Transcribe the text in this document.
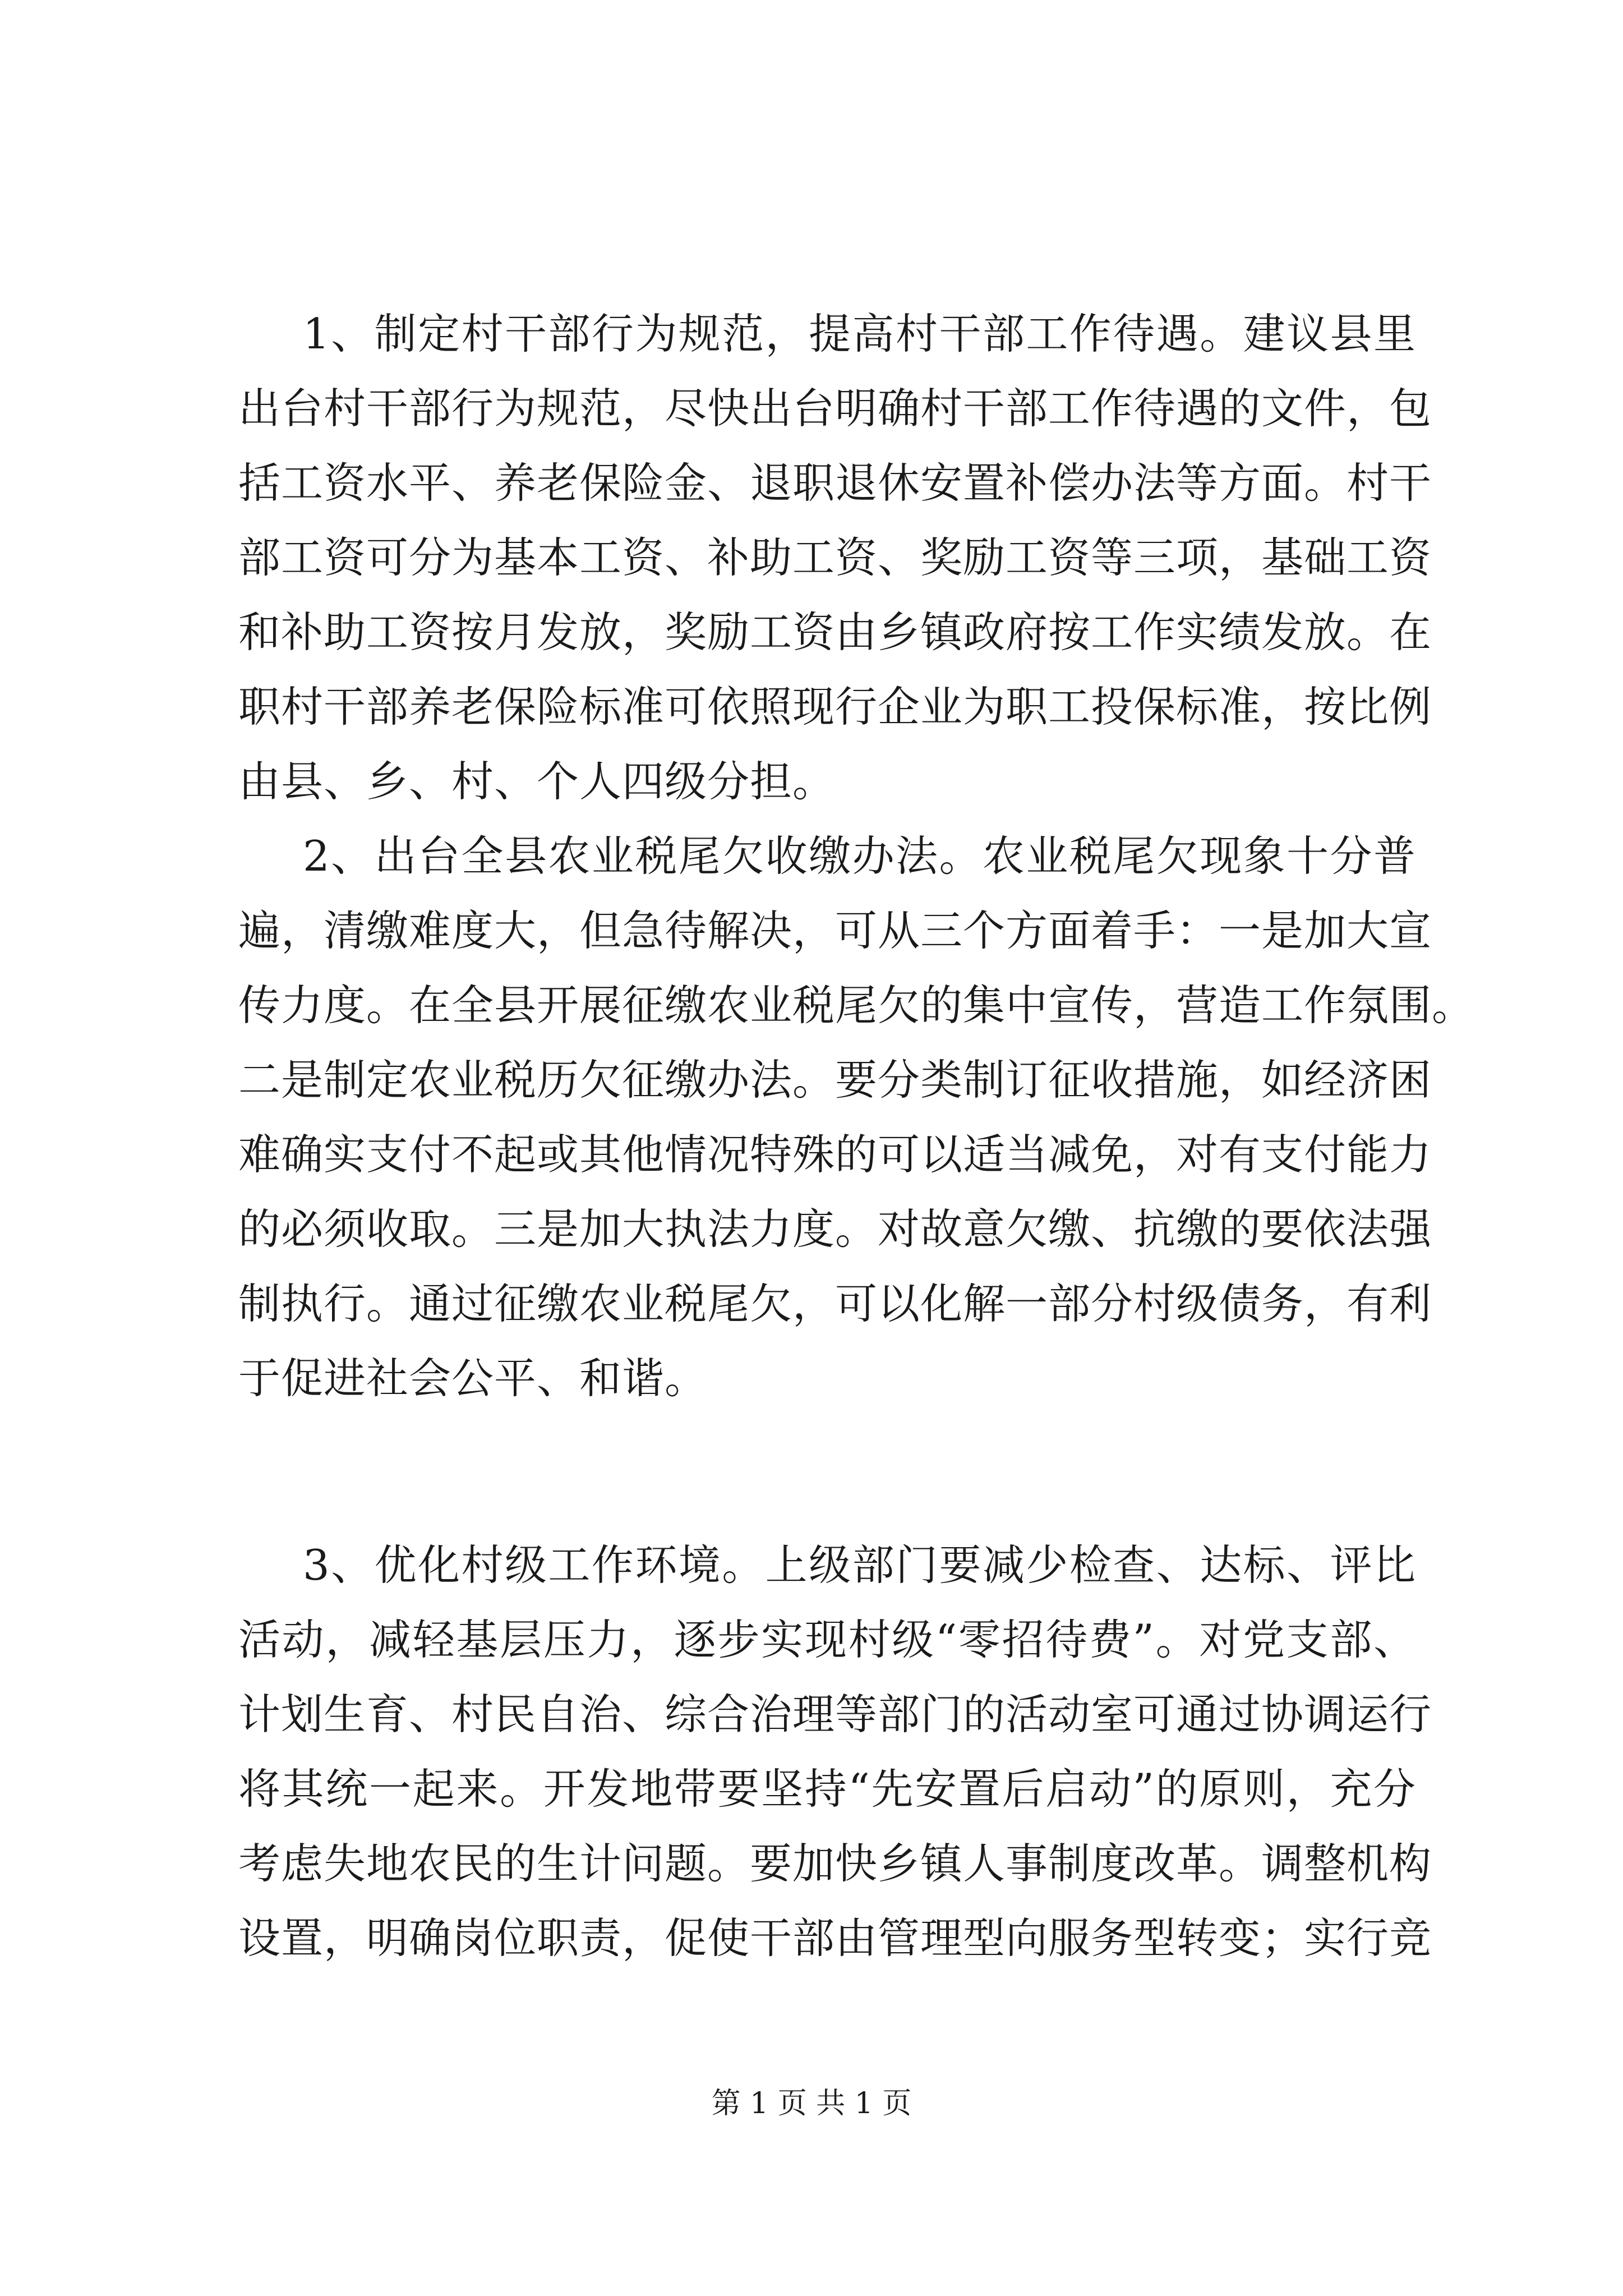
1、制定村干部行为规范，提高村干部工作待遇。建议县里
出台村干部行为规范，尽快出台明确村干部工作待遇的文件，包
括工资水平、养老保险金、退职退休安置补偿办法等方面。村干
部工资可分为基本工资、补助工资、奖励工资等三项，基础工资
和补助工资按月发放，奖励工资由乡镇政府按工作实绩发放。在
职村干部养老保险标准可依照现行企业为职工投保标准，按比例
由县、乡、村、个人四级分担。
2、出台全县农业税尾欠收缴办法。农业税尾欠现象十分普
遍，清缴难度大，但急待解决，可从三个方面着手：一是加大宣
传力度。在全县开展征缴农业税尾欠的集中宣传，营造工作氛围。
二是制定农业税历欠征缴办法。要分类制订征收措施，如经济困
难确实支付不起或其他情况特殊的可以适当减免，对有支付能力
的必须收取。三是加大执法力度。对故意欠缴、抗缴的要依法强
制执行。通过征缴农业税尾欠，可以化解一部分村级债务，有利
于促进社会公平、和谐。
3、优化村级工作环境。上级部门要减少检查、达标、评比
活动，减轻基层压力，逐步实现村级“零招待费”。对党支部、
计划生育、村民自治、综合治理等部门的活动室可通过协调运行
将其统一起来。开发地带要坚持“先安置后启动”的原则，充分
考虑失地农民的生计问题。要加快乡镇人事制度改革。调整机构
设置，明确岗位职责，促使干部由管理型向服务型转变；实行竞
第 1 页 共 1 页
